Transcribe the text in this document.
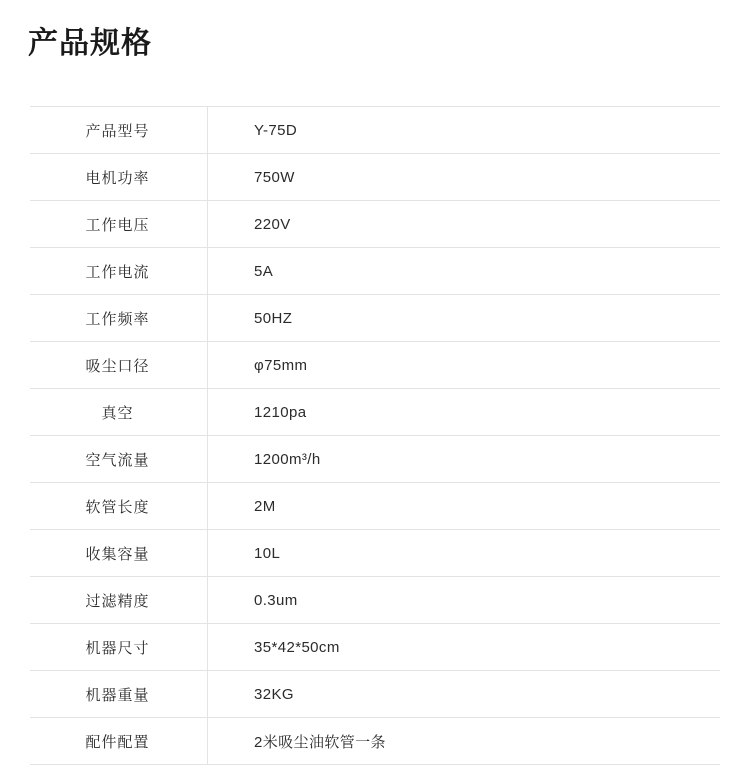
产品规格
产品型号	Y-75D
电机功率	750W
工作电压	220V
工作电流	5A
工作频率	50HZ
吸尘口径	φ75mm
真空	1210pa
空气流量	1200m³/h
软管长度	2M
收集容量	10L
过滤精度	0.3um
机器尺寸	35*42*50cm
机器重量	32KG
配件配置	2米吸尘油软管一条
